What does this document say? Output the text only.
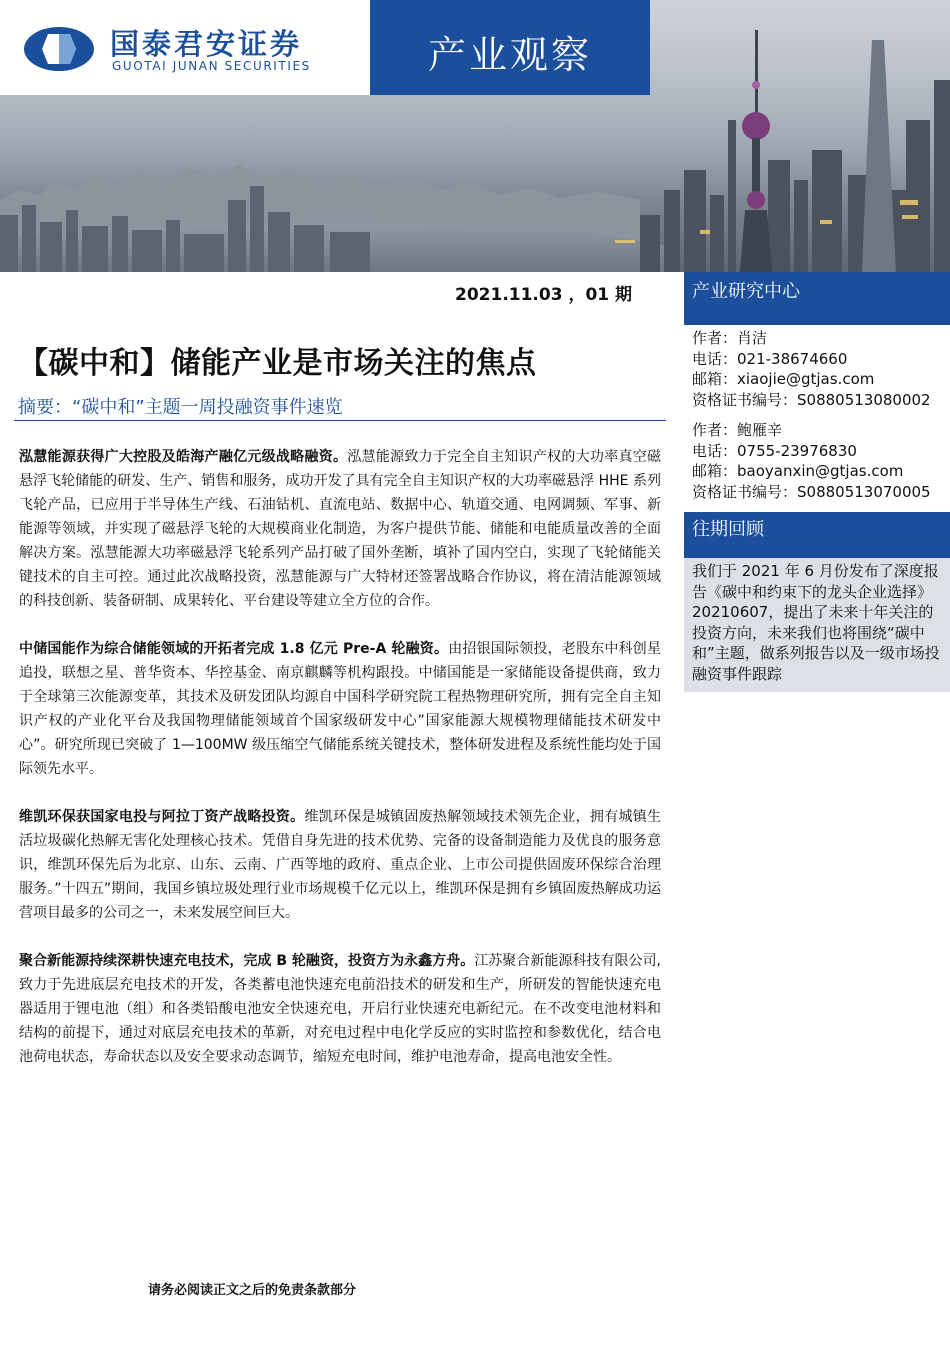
国泰君安证券
GUOTAI JUNAN SECURITIES	产业观察
2021.11.03 ，01 期
【碳中和】储能产业是市场关注的焦点
摘要：“碳中和”主题一周投融资事件速览

泓慧能源获得广大控股及皓海产融亿元级战略融资。泓慧能源致力于完全自主知识产权的大功率真空磁悬浮飞轮储能的研发、生产、销售和服务，成功开发了具有完全自主知识产权的大功率磁悬浮 HHE 系列飞轮产品，已应用于半导体生产线、石油钻机、直流电站、数据中心、轨道交通、电网调频、军事、新能源等领域，并实现了磁悬浮飞轮的大规模商业化制造，为客户提供节能、储能和电能质量改善的全面解决方案。泓慧能源大功率磁悬浮飞轮系列产品打破了国外垄断，填补了国内空白，实现了飞轮储能关键技术的自主可控。通过此次战略投资，泓慧能源与广大特材还签署战略合作协议，将在清洁能源领域的科技创新、装备研制、成果转化、平台建设等建立全方位的合作。

中储国能作为综合储能领域的开拓者完成 1.8 亿元 Pre-A 轮融资。由招银国际领投，老股东中科创星追投，联想之星、普华资本、华控基金、南京麒麟等机构跟投。中储国能是一家储能设备提供商，致力于全球第三次能源变革，其技术及研发团队均源自中国科学研究院工程热物理研究所，拥有完全自主知识产权的产业化平台及我国物理储能领域首个国家级研发中心”国家能源大规模物理储能技术研发中心”。研究所现已突破了 1—100MW 级压缩空气储能系统关键技术，整体研发进程及系统性能均处于国际领先水平。

维凯环保获国家电投与阿拉丁资产战略投资。维凯环保是城镇固废热解领域技术领先企业，拥有城镇生活垃圾碳化热解无害化处理核心技术。凭借自身先进的技术优势、完备的设备制造能力及优良的服务意识，维凯环保先后为北京、山东、云南、广西等地的政府、重点企业、上市公司提供固废环保综合治理服务。”十四五”期间，我国乡镇垃圾处理行业市场规模千亿元以上，维凯环保是拥有乡镇固废热解成功运营项目最多的公司之一，未来发展空间巨大。

聚合新能源持续深耕快速充电技术，完成 B 轮融资，投资方为永鑫方舟。江苏聚合新能源科技有限公司,致力于先进底层充电技术的开发，各类蓄电池快速充电前沿技术的研发和生产，所研发的智能快速充电器适用于锂电池（组）和各类铅酸电池安全快速充电，开启行业快速充电新纪元。在不改变电池材料和结构的前提下，通过对底层充电技术的革新，对充电过程中电化学反应的实时监控和参数优化，结合电池荷电状态，寿命状态以及安全要求动态调节，缩短充电时间，维护电池寿命，提高电池安全性。

请务必阅读正文之后的免责条款部分
产业研究中心
作者：肖洁
电话：021-38674660
邮箱：xiaojie@gtjas.com
资格证书编号：S0880513080002
作者：鲍雁辛
电话：0755-23976830
邮箱：baoyanxin@gtjas.com
资格证书编号：S0880513070005
往期回顾
我们于 2021 年 6 月份发布了深度报告《碳中和约束下的龙头企业选择》20210607，提出了未来十年关注的投资方向，未来我们也将围绕“碳中和”主题，做系列报告以及一级市场投融资事件跟踪
